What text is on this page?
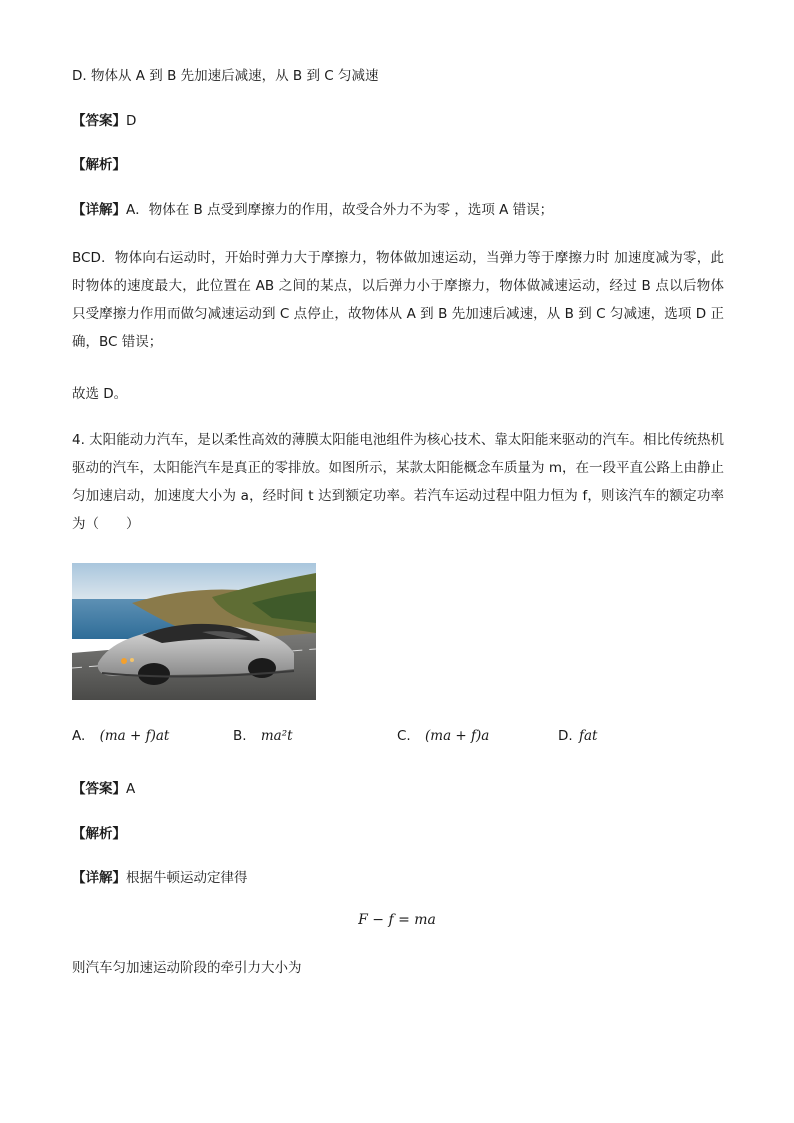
D. 物体从 A 到 B 先加速后减速，从 B 到 C 匀减速
【答案】D
【解析】
【详解】A．物体在 B 点受到摩擦力的作用，故受合外力不为零 ，选项 A 错误；
BCD．物体向右运动时，开始时弹力大于摩擦力，物体做加速运动，当弹力等于摩擦力时 加速度减为零，此时物体的速度最大，此位置在 AB 之间的某点，以后弹力小于摩擦力，物体做减速运动，经过 B 点以后物体只受摩擦力作用而做匀减速运动到 C 点停止，故物体从 A 到 B 先加速后减速，从 B 到 C 匀减速，选项 D 正确，BC 错误；
故选 D。
4. 太阳能动力汽车，是以柔性高效的薄膜太阳能电池组件为核心技术、靠太阳能来驱动的汽车。相比传统热机驱动的汽车，太阳能汽车是真正的零排放。如图所示，某款太阳能概念车质量为 m，在一段平直公路上由静止匀加速启动，加速度大小为 a，经时间 t 达到额定功率。若汽车运动过程中阻力恒为 f，则该汽车的额定功率为（　　）
A. (ma + f)at	B. ma²t	C. (ma + f)a	D. fat
【答案】A
【解析】
【详解】根据牛顿运动定律得
F − f = ma
则汽车匀加速运动阶段的牵引力大小为
